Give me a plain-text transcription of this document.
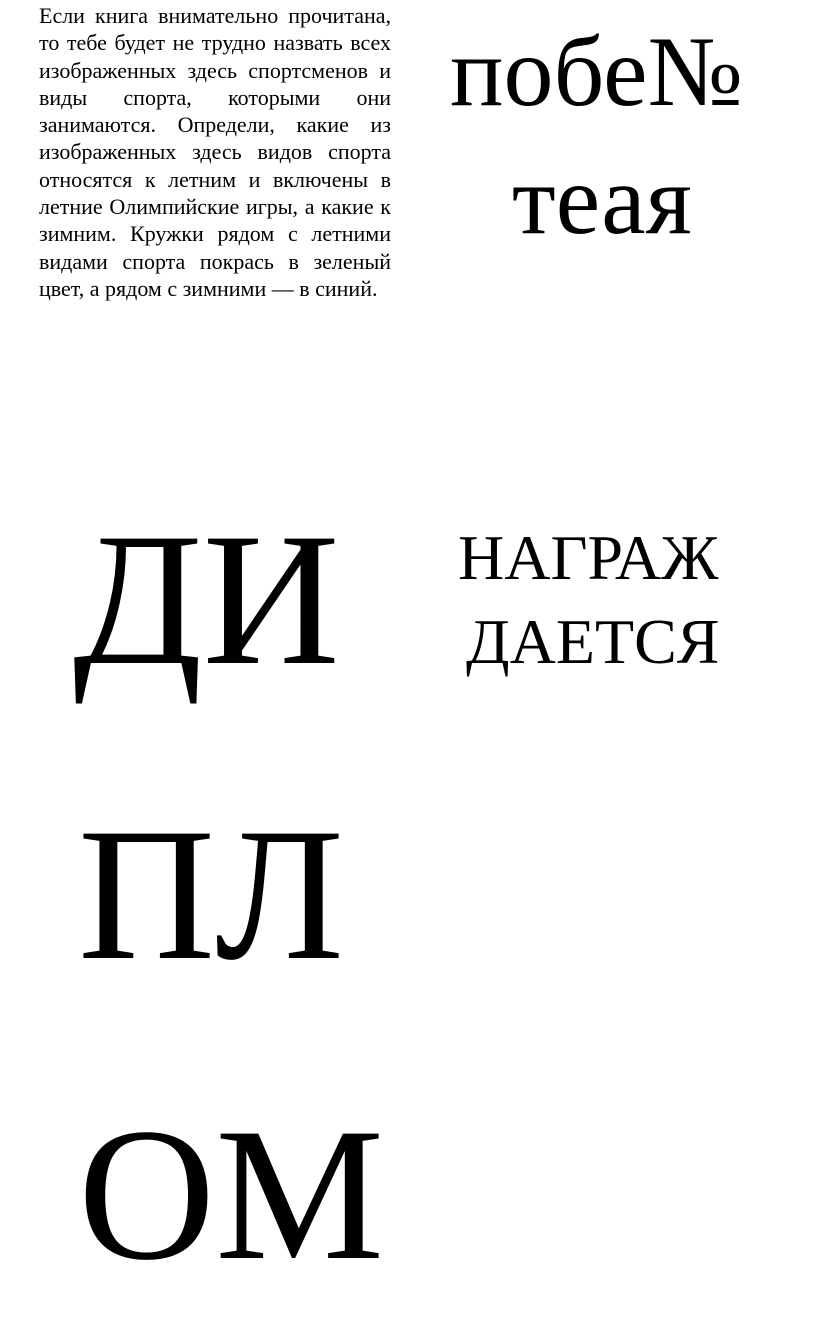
Если книга внимательно прочитана, то тебе будет не трудно назвать всех изображенных здесь спортсменов и виды спорта, которыми они занимаются. Определи, какие из изображенных здесь видов спорта относятся к летним и включены в летние Олимпийские игры, а какие к зимним. Кружки рядом с летними видами спорта покрась в зеленый цвет, а рядом с зимними — в синий.

побе№
теая
ДИ
ПЛ
ОМ
НАГРАЖ
ДАЕТСЯ
